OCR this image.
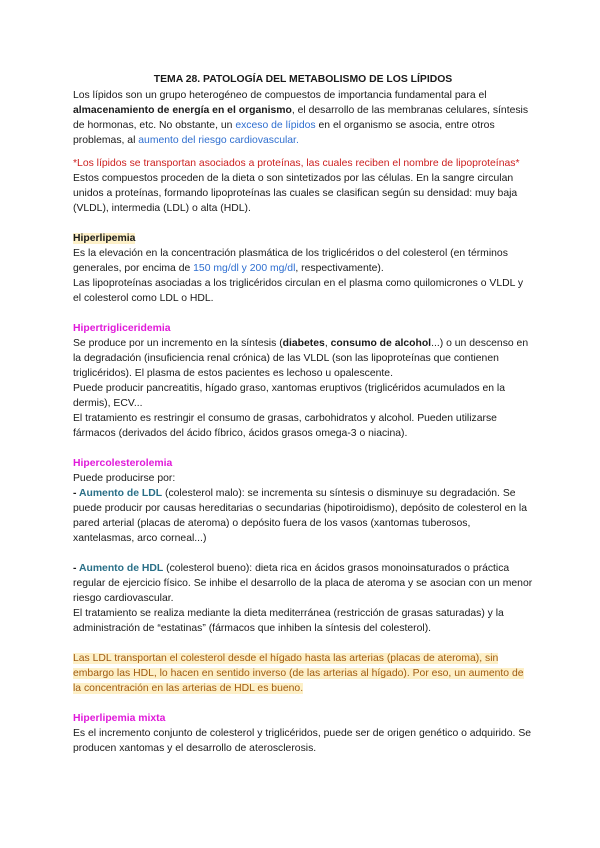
TEMA 28. PATOLOGÍA DEL METABOLISMO DE LOS LÍPIDOS

Los lípidos son un grupo heterogéneo de compuestos de importancia fundamental para el almacenamiento de energía en el organismo, el desarrollo de las membranas celulares, síntesis de hormonas, etc. No obstante, un exceso de lípidos en el organismo se asocia, entre otros problemas, al aumento del riesgo cardiovascular.

*Los lípidos se transportan asociados a proteínas, las cuales reciben el nombre de lipoproteínas* Estos compuestos proceden de la dieta o son sintetizados por las células. En la sangre circulan unidos a proteínas, formando lipoproteínas las cuales se clasifican según su densidad: muy baja (VLDL), intermedia (LDL) o alta (HDL).

Hiperlipemia

Es la elevación en la concentración plasmática de los triglicéridos o del colesterol (en términos generales, por encima de 150 mg/dl y 200 mg/dl, respectivamente).

Las lipoproteínas asociadas a los triglicéridos circulan en el plasma como quilomicrones o VLDL y el colesterol como LDL o HDL.

Hipertrigliceridemia

Se produce por un incremento en la síntesis (diabetes, consumo de alcohol...) o un descenso en la degradación (insuficiencia renal crónica) de las VLDL (son las lipoproteínas que contienen triglicéridos). El plasma de estos pacientes es lechoso u opalescente.

Puede producir pancreatitis, hígado graso, xantomas eruptivos (triglicéridos acumulados en la dermis), ECV...

El tratamiento es restringir el consumo de grasas, carbohidratos y alcohol. Pueden utilizarse fármacos (derivados del ácido fíbrico, ácidos grasos omega-3 o niacina).

Hipercolesterolemia

Puede producirse por:

- Aumento de LDL (colesterol malo): se incrementa su síntesis o disminuye su degradación. Se puede producir por causas hereditarias o secundarias (hipotiroidismo), depósito de colesterol en la pared arterial (placas de ateroma) o depósito fuera de los vasos (xantomas tuberosos, xantelasmas, arco corneal...)

- Aumento de HDL (colesterol bueno): dieta rica en ácidos grasos monoinsaturados o práctica regular de ejercicio físico. Se inhibe el desarrollo de la placa de ateroma y se asocian con un menor riesgo cardiovascular.

El tratamiento se realiza mediante la dieta mediterránea (restricción de grasas saturadas) y la administración de “estatinas” (fármacos que inhiben la síntesis del colesterol).

Las LDL transportan el colesterol desde el hígado hasta las arterias (placas de ateroma), sin embargo las HDL, lo hacen en sentido inverso (de las arterias al hígado). Por eso, un aumento de la concentración en las arterias de HDL es bueno.

Hiperlipemia mixta

Es el incremento conjunto de colesterol y triglicéridos, puede ser de origen genético o adquirido. Se producen xantomas y el desarrollo de aterosclerosis.
